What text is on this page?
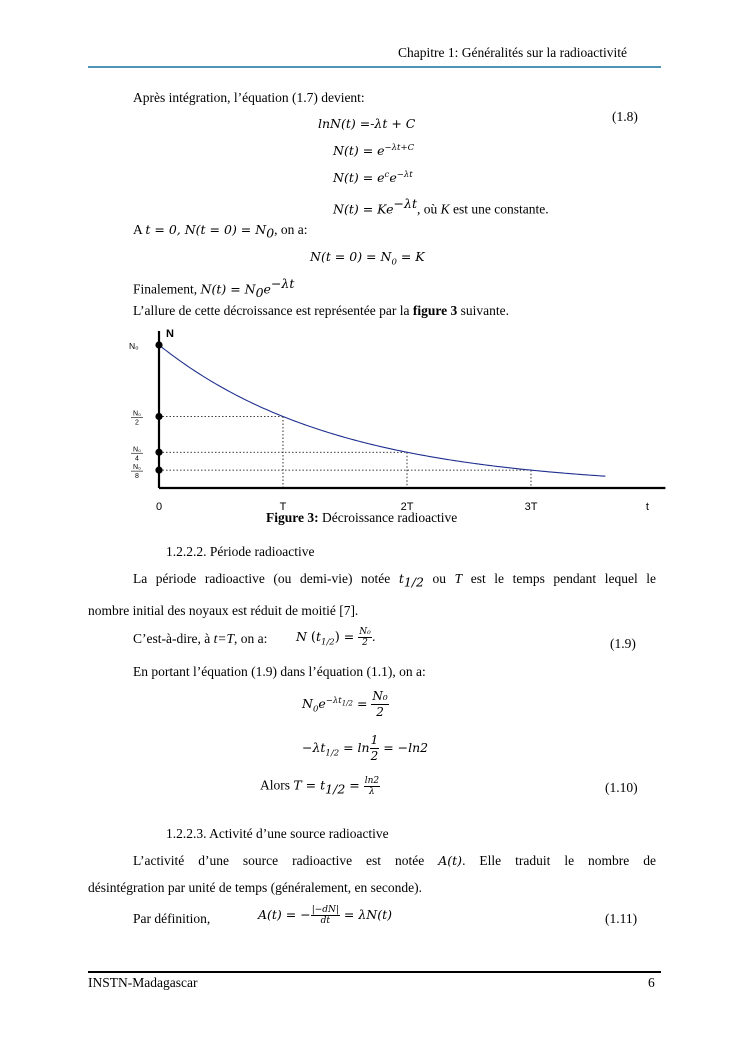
Chapitre 1: Généralités sur la radioactivité
Après intégration, l’équation (1.7) devient:
lnN(t) =-λt + C	(1.8)
$N(t) = e^{-\lambda t+C}$
$N(t) = e^ce^{-\lambda t}$
$N(t) = Ke^{-\lambda t}$, où K est une constante.
A t = 0, $N(t = 0) = N_0$, on a:
$N(t = 0) = N_0 = K$
Finalement, $N(t) = N_0e^{-\lambda t}$
L’allure de cette décroissance est représentée par la figure 3 suivante.
0	T	2T	3T	t
N
N₀
N₀
2
N₀
4
N₀
8
Figure 3: Décroissance radioactive
1.2.2.2. Période radioactive
La période radioactive (ou demi-vie) notée $t_{1/2}$ ou T est le temps pendant lequel le
nombre initial des noyaux est réduit de moitié [7].
C’est-à-dire, à t=T, on a: N $(t_{1/2}) = \frac{\text{N₀}}{2}$ .	(1.9)
En portant l’équation (1.9) dans l’équation (1.1), on a:
$N_0e^{-\lambda t_{1/2}} = \frac{\text{N₀}}{2}$
$-\lambda t_{1/2} = \ln \frac{1}{2} = -\ln 2$
Alors $T = t_{1/2} = \frac{\ln 2}{\lambda}$	(1.10)
1.2.2.3. Activité d’une source radioactive
L’activité d’une source radioactive est notée A(t). Elle traduit le nombre de
désintégration par unité de temps (généralement, en seconde).
Par définition,	A(t) = − $\frac{|-dN|}{dt} = \lambda N(t)$	(1.11)
INSTN-Madagascar	6
